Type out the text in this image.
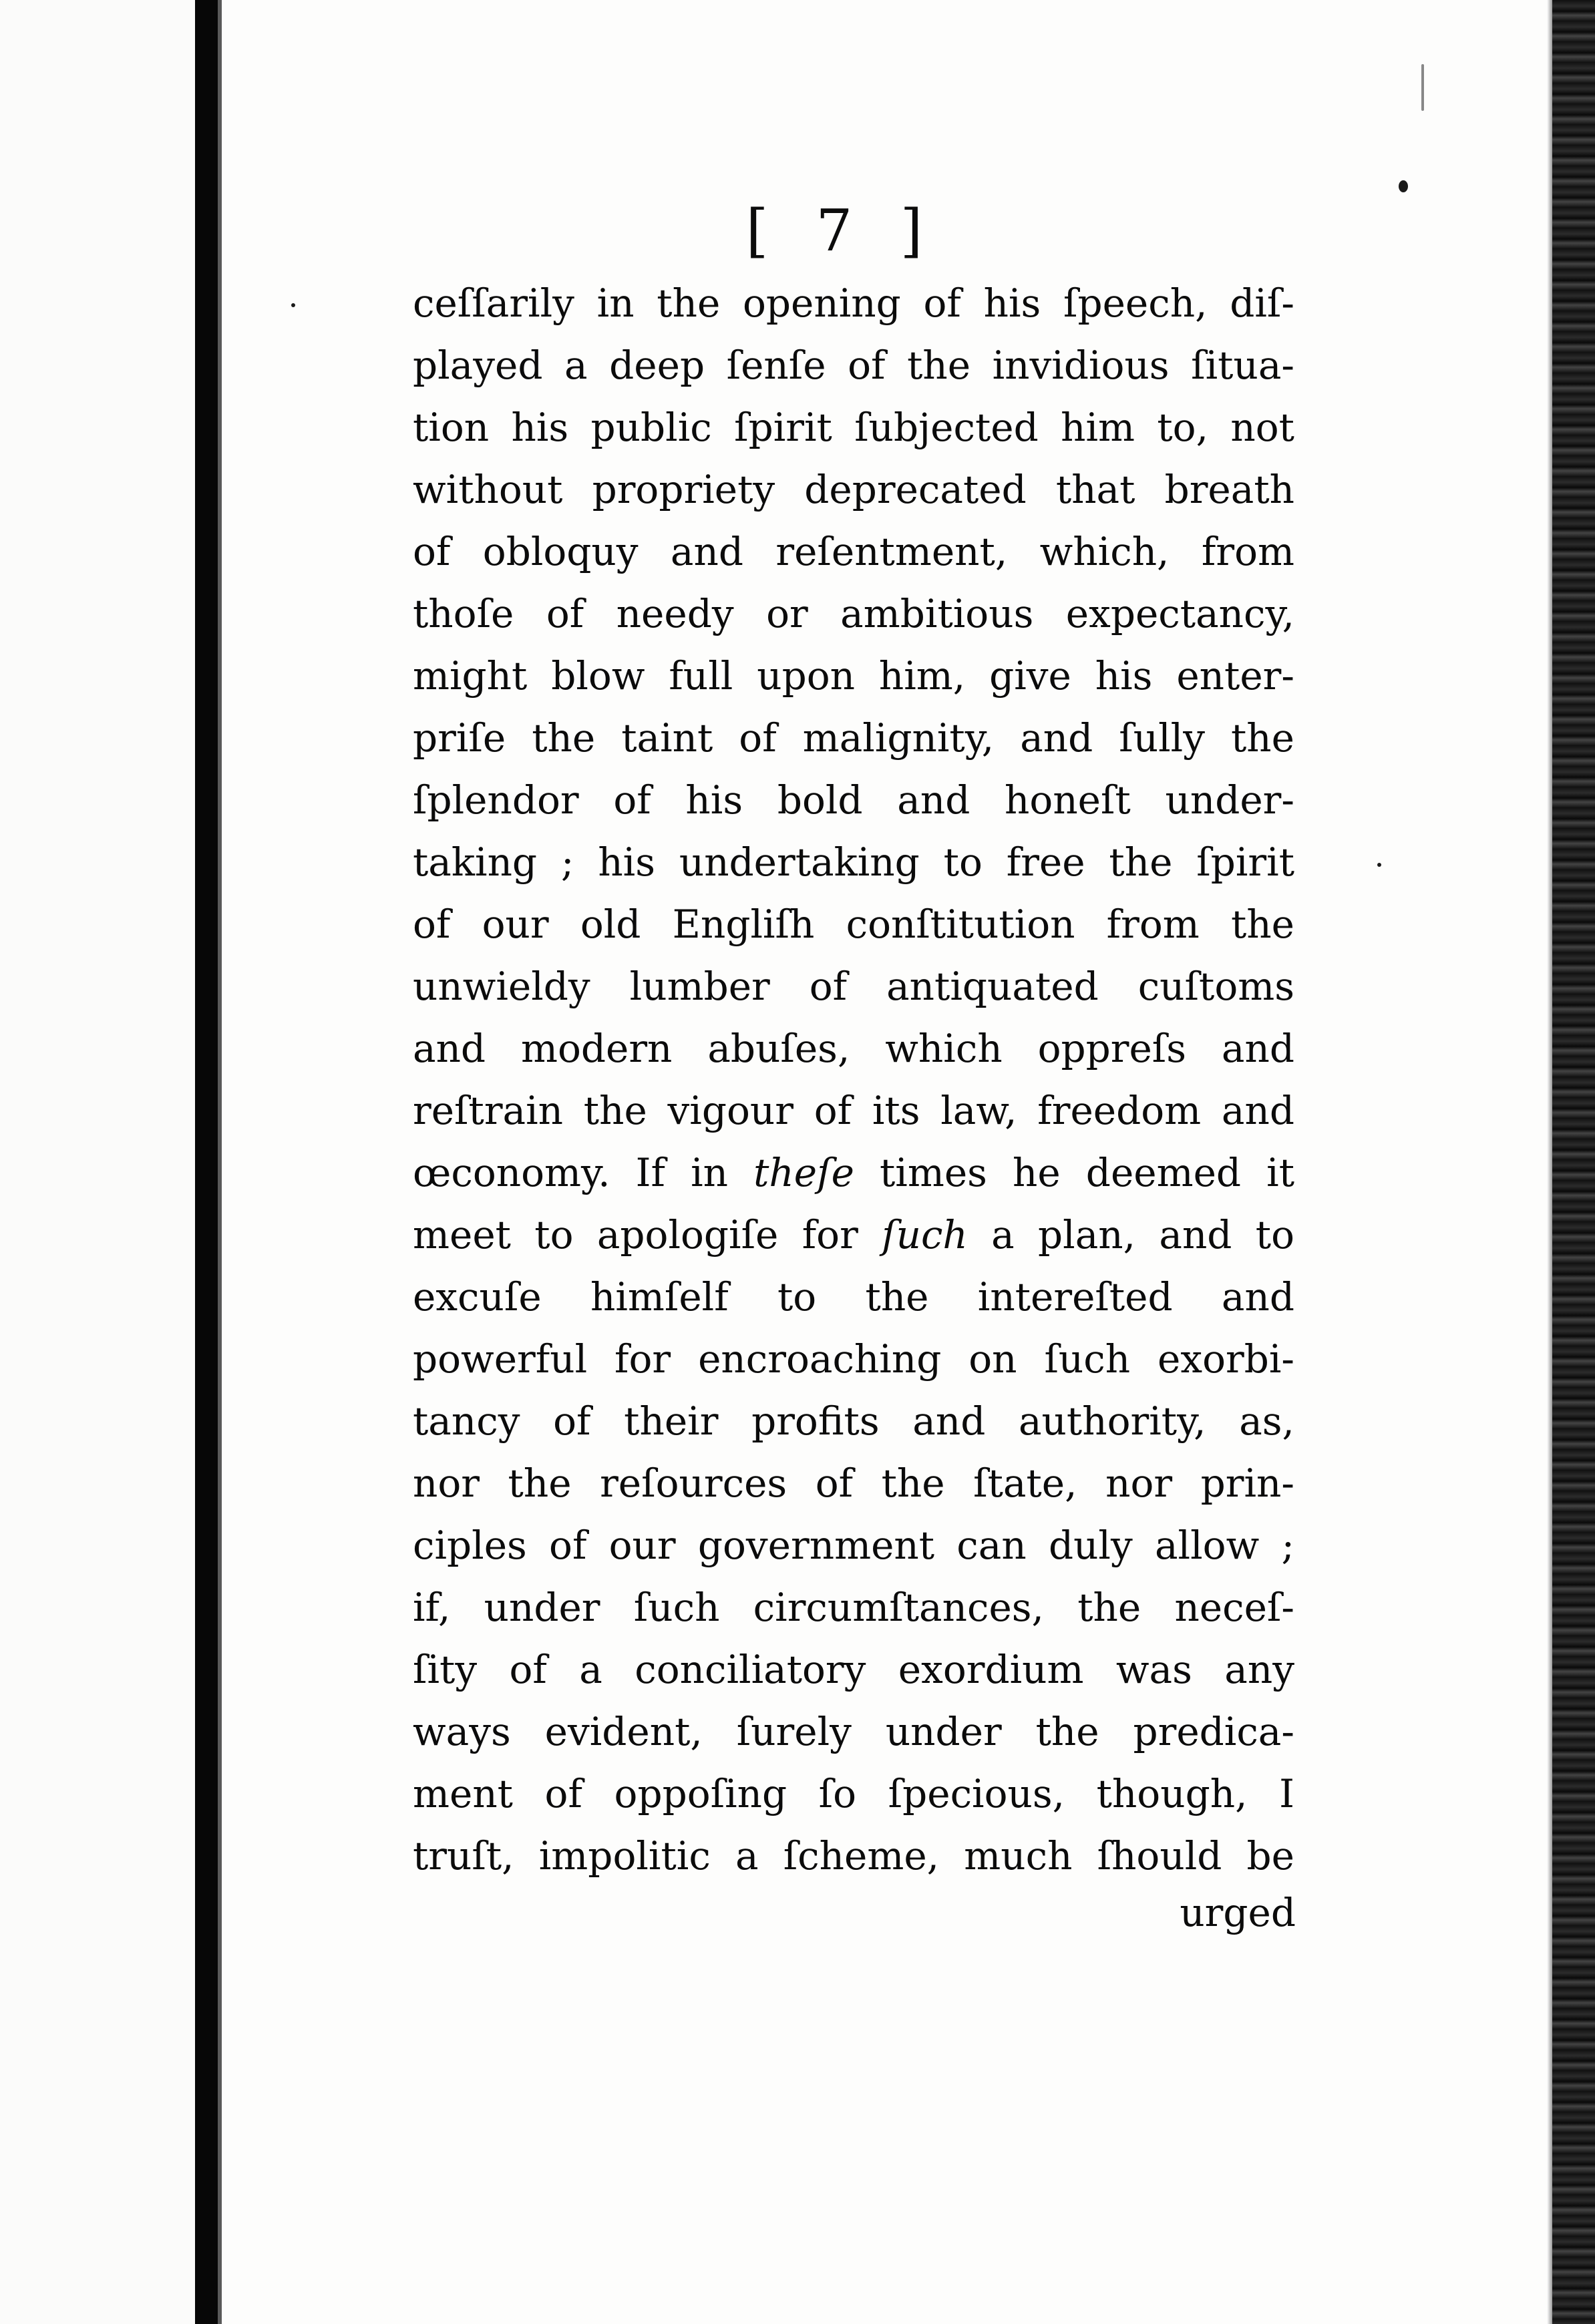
[ 7 ]
ceſſarily in the opening of his ſpeech, diſ-
played a deep ſenſe of the invidious ſitua-
tion his public ſpirit ſubjected him to, not
without propriety deprecated that breath
of obloquy and reſentment, which, from
thoſe of needy or ambitious expectancy,
might blow full upon him, give his enter-
priſe the taint of malignity, and ſully the
ſplendor of his bold and honeſt under-
taking ; his undertaking to free the ſpirit
of our old Engliſh conſtitution from the
unwieldy lumber of antiquated cuſtoms
and modern abuſes, which oppreſs and
reſtrain the vigour of its law, freedom and
œconomy. If in theſe times he deemed it
meet to apologiſe for ſuch a plan, and to
excuſe himſelf to the intereſted and
powerful for encroaching on ſuch exorbi-
tancy of their profits and authority, as,
nor the reſources of the ſtate, nor prin-
ciples of our government can duly allow ;
if, under ſuch circumſtances, the neceſ-
ſity of a conciliatory exordium was any
ways evident, ſurely under the predica-
ment of oppoſing ſo ſpecious, though, I
truſt, impolitic a ſcheme, much ſhould be
urged
